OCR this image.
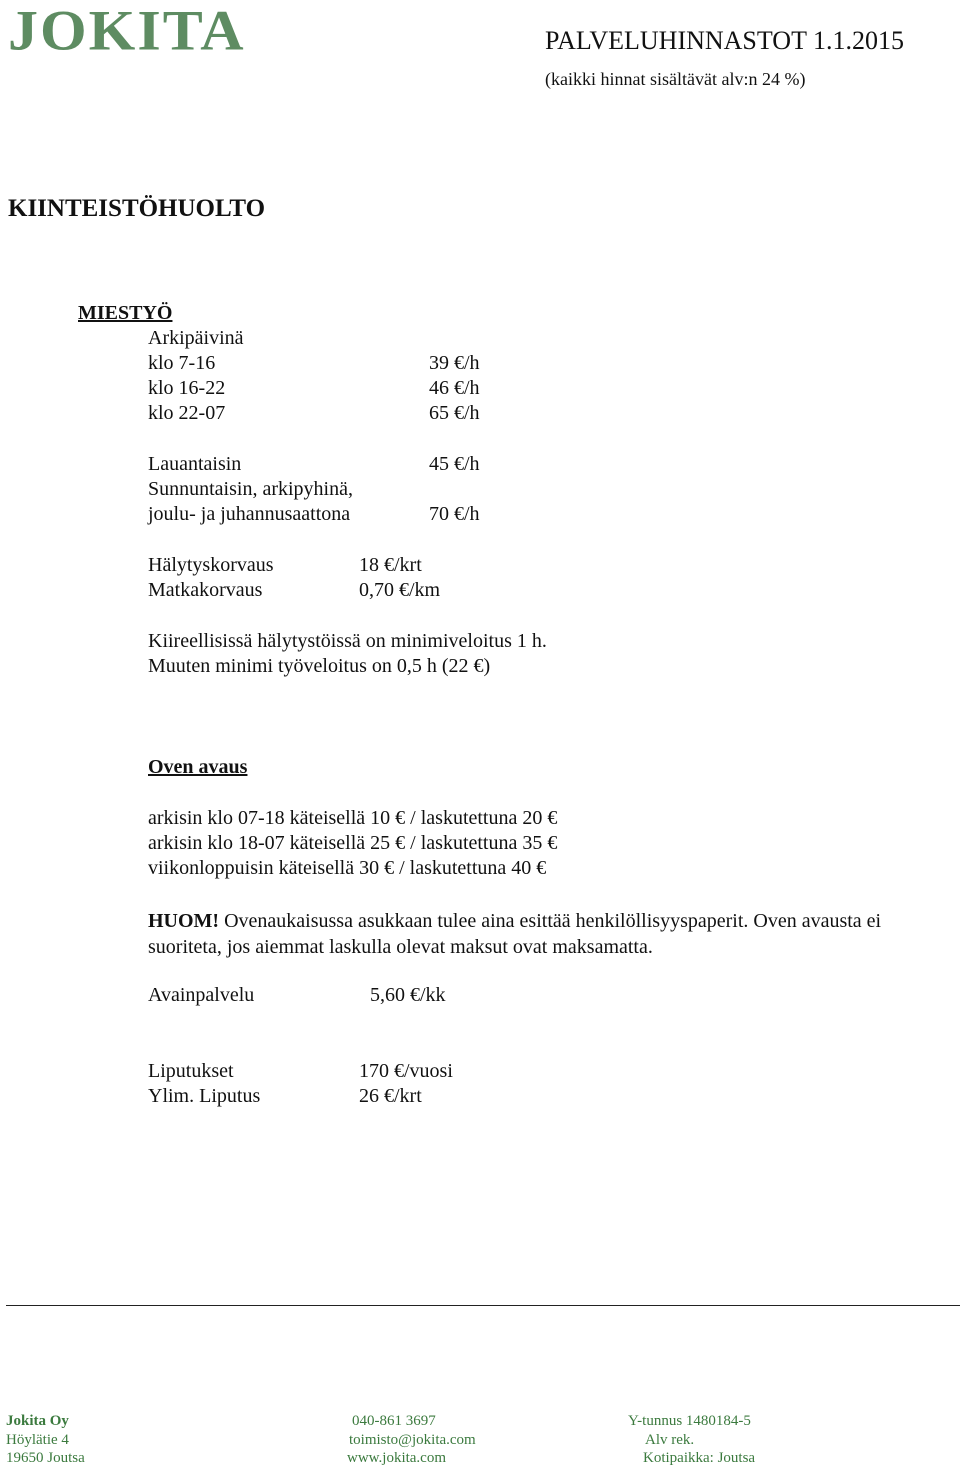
JOKITA	PALVELUHINNASTOT 1.1.2015
(kaikki hinnat sisältävät alv:n 24 %)
KIINTEISTÖHUOLTO
MIESTYÖ
Arkipäivinä
klo 7-16	39 €/h
klo 16-22	46 €/h
klo 22-07	65 €/h
Lauantaisin	45 €/h
Sunnuntaisin, arkipyhinä,
joulu- ja juhannusaattona	70 €/h
Hälytyskorvaus	18 €/krt
Matkakorvaus	0,70 €/km
Kiireellisissä hälytystöissä on minimiveloitus 1 h.
Muuten minimi työveloitus on 0,5 h (22 €)
Oven avaus
arkisin klo 07-18 käteisellä 10 € / laskutettuna 20 €
arkisin klo 18-07 käteisellä 25 € / laskutettuna 35 €
viikonloppuisin käteisellä 30 € / laskutettuna 40 €
HUOM! Ovenaukaisussa asukkaan tulee aina esittää henkilöllisyyspaperit. Oven avausta ei suoriteta, jos aiemmat laskulla olevat maksut ovat maksamatta.
Avainpalvelu	5,60 €/kk
Liputukset	170 €/vuosi
Ylim. Liputus	26 €/krt
Jokita Oy
Höylätie 4
19650 Joutsa
040-861 3697
toimisto@jokita.com
www.jokita.com
Y-tunnus 1480184-5
Alv rek.
Kotipaikka: Joutsa
